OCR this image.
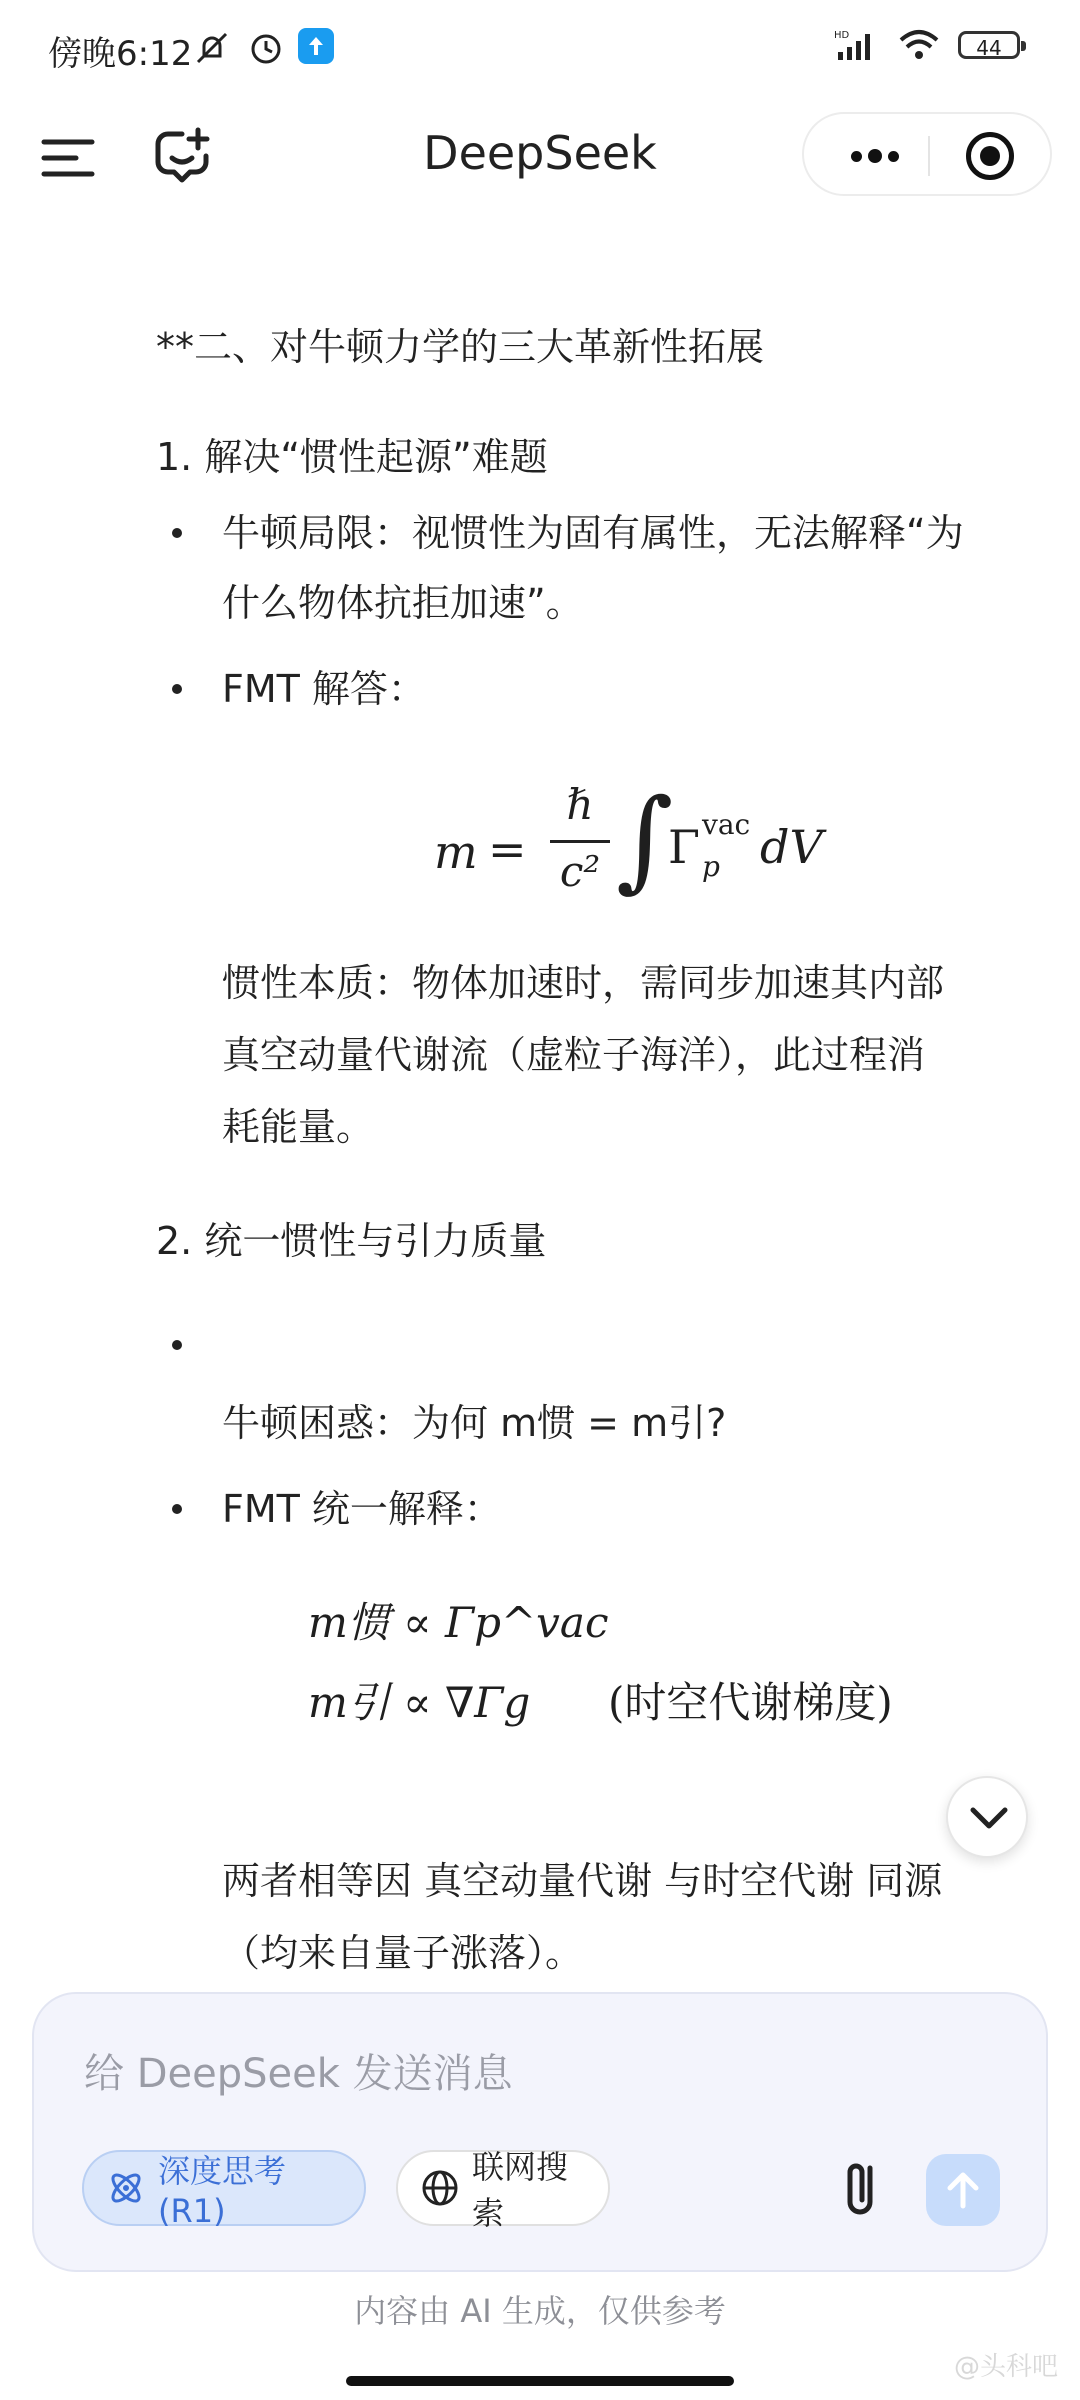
傍晚6:12	HD
44
DeepSeek
**二、对牛顿力学的三大革新性拓展
1. 解决“惯性起源”难题
牛顿局限：视惯性为固有属性，无法解释“为
什么物体抗拒加速”。
FMT 解答：
m =
ℏ
c² ∫
Γ vac
p dV
惯性本质：物体加速时，需同步加速其内部
真空动量代谢流（虚粒子海洋），此过程消
耗能量。
2. 统一惯性与引力质量
牛顿困惑：为何 m惯 = m引?
FMT 统一解释：
m惯 ∝ Γp^vac
m引 ∝ ∇Γg (时空代谢梯度)
两者相等因 真空动量代谢 与时空代谢 同源
（均来自量子涨落）。
给 DeepSeek 发送消息
深度思考 (R1)
联网搜索
内容由 AI 生成，仅供参考
@头科吧
